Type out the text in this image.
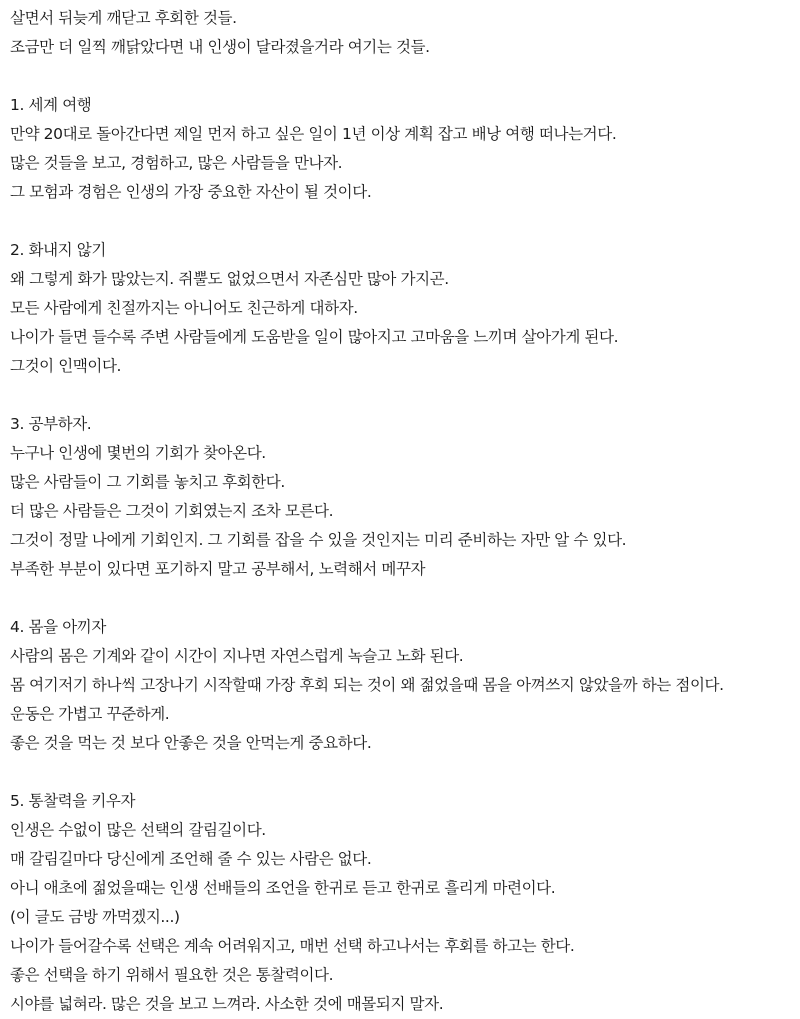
살면서 뒤늦게 깨닫고 후회한 것들.
조금만 더 일찍 깨닭았다면 내 인생이 달라졌을거라 여기는 것들.
1. 세계 여행
만약 20대로 돌아간다면 제일 먼저 하고 싶은 일이 1년 이상 계획 잡고 배낭 여행 떠나는거다.
많은 것들을 보고, 경험하고, 많은 사람들을 만나자.
그 모험과 경험은 인생의 가장 중요한 자산이 될 것이다.
2. 화내지 않기
왜 그렇게 화가 많았는지. 쥐뿔도 없었으면서 자존심만 많아 가지곤.
모든 사람에게 친절까지는 아니어도 친근하게 대하자.
나이가 들면 들수록 주변 사람들에게 도움받을 일이 많아지고 고마움을 느끼며 살아가게 된다.
그것이 인맥이다.
3. 공부하자.
누구나 인생에 몇번의 기회가 찾아온다.
많은 사람들이 그 기회를 놓치고 후회한다.
더 많은 사람들은 그것이 기회였는지 조차 모른다.
그것이 정말 나에게 기회인지. 그 기회를 잡을 수 있을 것인지는 미리 준비하는 자만 알 수 있다.
부족한 부분이 있다면 포기하지 말고 공부해서, 노력해서 메꾸자
4. 몸을 아끼자
사람의 몸은 기계와 같이 시간이 지나면 자연스럽게 녹슬고 노화 된다.
몸 여기저기 하나씩 고장나기 시작할때 가장 후회 되는 것이 왜 젊었을때 몸을 아껴쓰지 않았을까 하는 점이다.
운동은 가볍고 꾸준하게.
좋은 것을 먹는 것 보다 안좋은 것을 안먹는게 중요하다.
5. 통찰력을 키우자
인생은 수없이 많은 선택의 갈림길이다.
매 갈림길마다 당신에게 조언해 줄 수 있는 사람은 없다.
아니 애초에 젊었을때는 인생 선배들의 조언을 한귀로 듣고 한귀로 흘리게 마련이다.
(이 글도 금방 까먹겠지...)
나이가 들어갈수록 선택은 계속 어려워지고, 매번 선택 하고나서는 후회를 하고는 한다.
좋은 선택을 하기 위해서 필요한 것은 통찰력이다.
시야를 넓혀라. 많은 것을 보고 느껴라. 사소한 것에 매몰되지 말자.
